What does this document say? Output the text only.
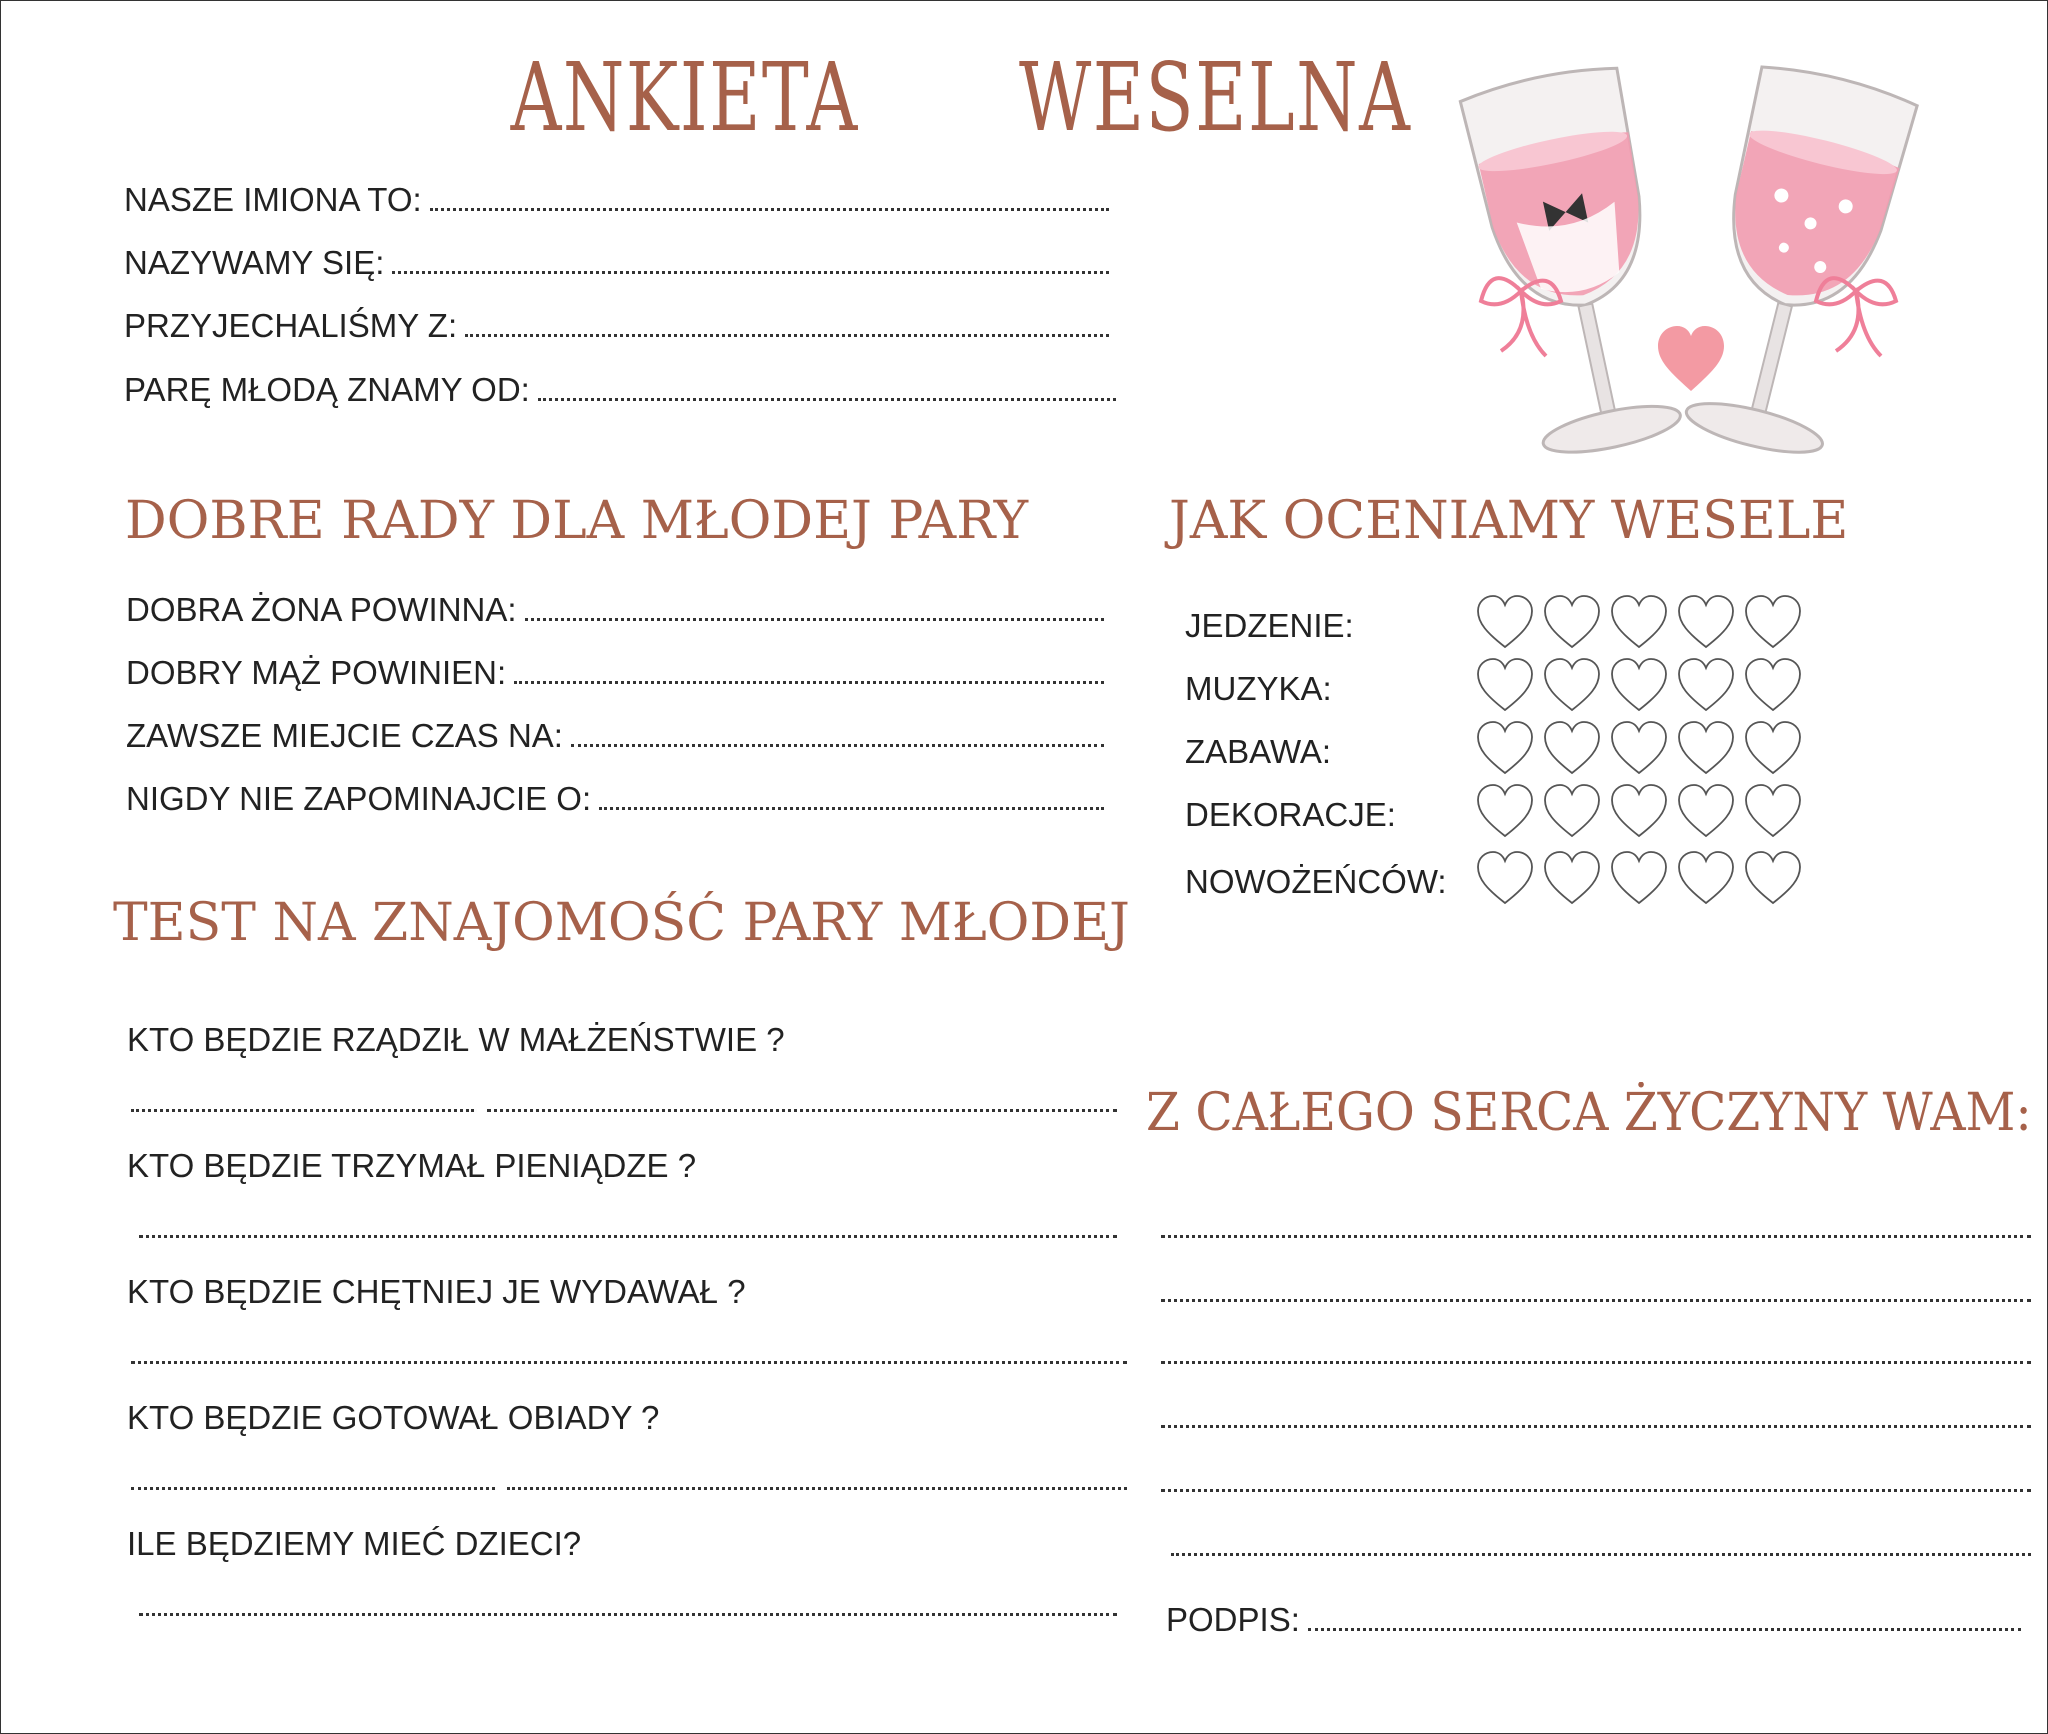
ANKIETA   WESELNA
NASZE IMIONA TO:
NAZYWAMY SIĘ:
PRZYJECHALIŚMY Z:
PARĘ MŁODĄ ZNAMY OD:
DOBRE RADY DLA MŁODEJ PARY
DOBRA ŻONA POWINNA:
DOBRY MĄŻ POWINIEN:
ZAWSZE MIEJCIE CZAS NA:
NIGDY NIE ZAPOMINAJCIE O:
JAK OCENIAMY WESELE
JEDZENIE:
MUZYKA:
ZABAWA:
DEKORACJE:
NOWOŻEŃCÓW:
TEST NA ZNAJOMOŚĆ PARY MŁODEJ
KTO BĘDZIE RZĄDZIŁ W MAŁŻEŃSTWIE ?
KTO BĘDZIE TRZYMAŁ PIENIĄDZE ?
KTO BĘDZIE CHĘTNIEJ JE WYDAWAŁ ?
KTO BĘDZIE GOTOWAŁ OBIADY ?
ILE BĘDZIEMY MIEĆ DZIECI?
Z CAŁEGO SERCA ŻYCZYNY WAM:
PODPIS:
